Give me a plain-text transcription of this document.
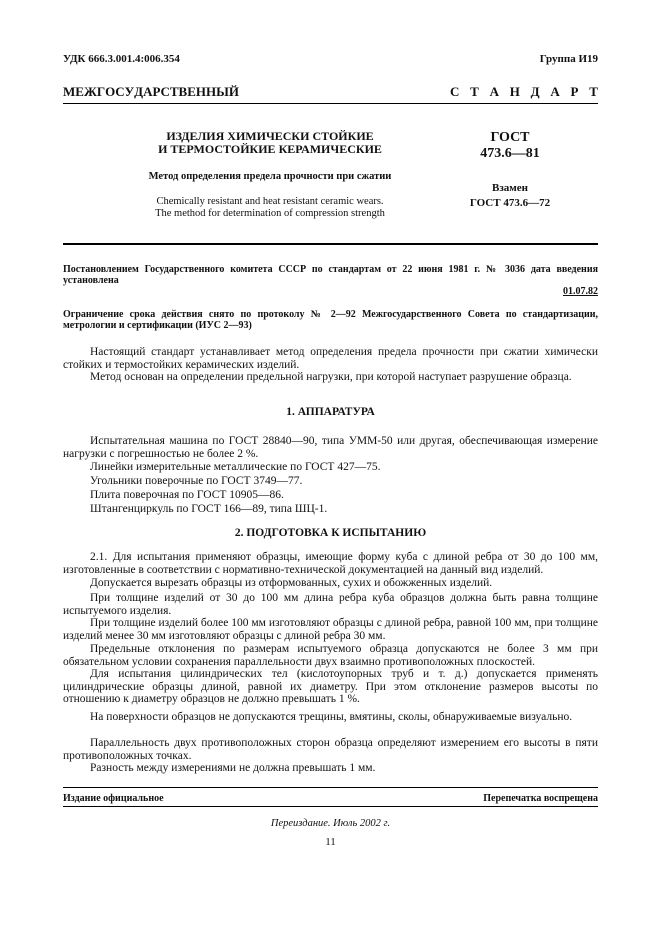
УДК 666.3.001.4:006.354	Группа И19
М Е Ж Г О С У Д А Р С Т В Е Н Н Ы Й	С Т А Н Д А Р Т
ИЗДЕЛИЯ ХИМИЧЕСКИ СТОЙКИЕ
И ТЕРМОСТОЙКИЕ КЕРАМИЧЕСКИЕ
Метод определения предела прочности при сжатии
Chemically resistant and heat resistant ceramic wears.
The method for determination of compression strength
ГОСТ
473.6—81
Взамен
ГОСТ 473.6—72
Постановлением Государственного комитета СССР по стандартам от 22 июня 1981 г. № 3036 дата введения установлена
01.07.82
Ограничение срока действия снято по протоколу № 2—92 Межгосударственного Совета по стандартизации, метрологии и сертификации (ИУС 2—93)
Настоящий стандарт устанавливает метод определения предела прочности при сжатии химически стойких и термостойких керамических изделий.
Метод основан на определении предельной нагрузки, при которой наступает разрушение образца.
1. АППАРАТУРА
Испытательная машина по ГОСТ 28840—90, типа УММ-50 или другая, обеспечивающая измерение нагрузки с погрешностью не более 2 %.
Линейки измерительные металлические по ГОСТ 427—75.
Угольники поверочные по ГОСТ 3749—77.
Плита поверочная по ГОСТ 10905—86.
Штангенциркуль по ГОСТ 166—89, типа ШЦ-1.
2. ПОДГОТОВКА К ИСПЫТАНИЮ
2.1. Для испытания применяют образцы, имеющие форму куба с длиной ребра от 30 до 100 мм, изготовленные в соответствии с нормативно-технической документацией на данный вид изделий.
Допускается вырезать образцы из отформованных, сухих и обожженных изделий.
При толщине изделий от 30 до 100 мм длина ребра куба образцов должна быть равна толщине испытуемого изделия.
При толщине изделий более 100 мм изготовляют образцы с длиной ребра, равной 100 мм, при толщине изделий менее 30 мм изготовляют образцы с длиной ребра 30 мм.
Предельные отклонения по размерам испытуемого образца допускаются не более 3 мм при обязательном условии сохранения параллельности двух взаимно противоположных плоскостей.
Для испытания цилиндрических тел (кислотоупорных труб и т. д.) допускается применять цилиндрические образцы длиной, равной их диаметру. При этом отклонение размеров высоты по отношению к диаметру образцов не должно превышать 1 %.
На поверхности образцов не допускаются трещины, вмятины, сколы, обнаруживаемые визуально.
Параллельность двух противоположных сторон образца определяют измерением его высоты в пяти противоположных точках.
Разность между измерениями не должна превышать 1 мм.
Издание официальное	Перепечатка воспрещена
Переиздание. Июль 2002 г.
11
